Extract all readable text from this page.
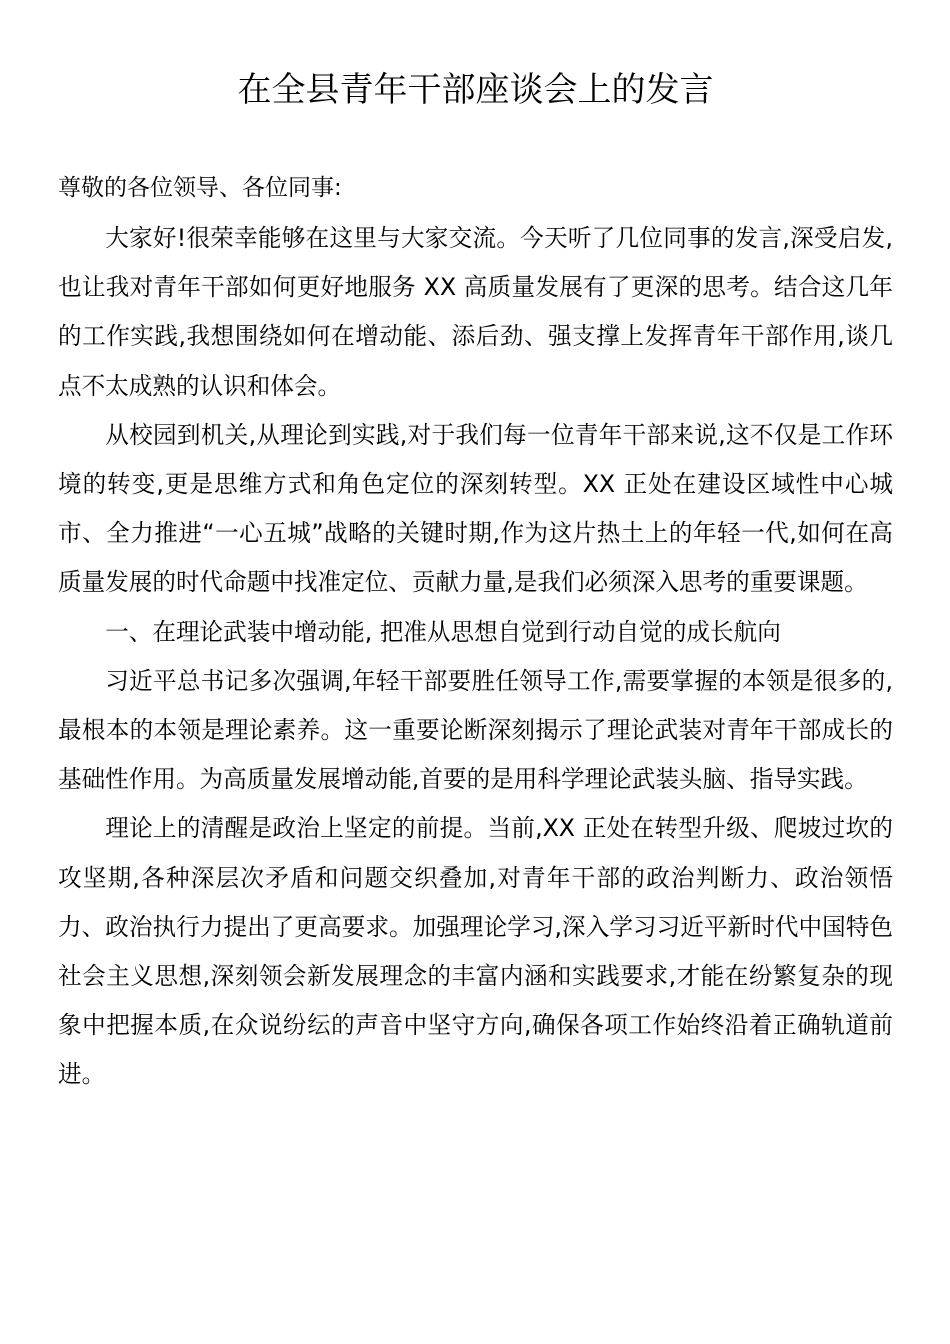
在全县青年干部座谈会上的发言
尊敬的各位领导、各位同事:

大家好!很荣幸能够在这里与大家交流。今天听了几位同事的发言,深受启发,也让我对青年干部如何更好地服务 XX 高质量发展有了更深的思考。结合这几年的工作实践,我想围绕如何在增动能、添后劲、强支撑上发挥青年干部作用,谈几点不太成熟的认识和体会。

从校园到机关,从理论到实践,对于我们每一位青年干部来说,这不仅是工作环境的转变,更是思维方式和角色定位的深刻转型。XX 正处在建设区域性中心城市、全力推进“一心五城”战略的关键时期,作为这片热土上的年轻一代,如何在高质量发展的时代命题中找准定位、贡献力量,是我们必须深入思考的重要课题。

一、在理论武装中增动能, 把准从思想自觉到行动自觉的成长航向

习近平总书记多次强调,年轻干部要胜任领导工作,需要掌握的本领是很多的,最根本的本领是理论素养。这一重要论断深刻揭示了理论武装对青年干部成长的基础性作用。为高质量发展增动能,首要的是用科学理论武装头脑、指导实践。

理论上的清醒是政治上坚定的前提。当前,XX 正处在转型升级、爬坡过坎的攻坚期,各种深层次矛盾和问题交织叠加,对青年干部的政治判断力、政治领悟力、政治执行力提出了更高要求。加强理论学习,深入学习习近平新时代中国特色社会主义思想,深刻领会新发展理念的丰富内涵和实践要求,才能在纷繁复杂的现象中把握本质,在众说纷纭的声音中坚守方向,确保各项工作始终沿着正确轨道前进。
